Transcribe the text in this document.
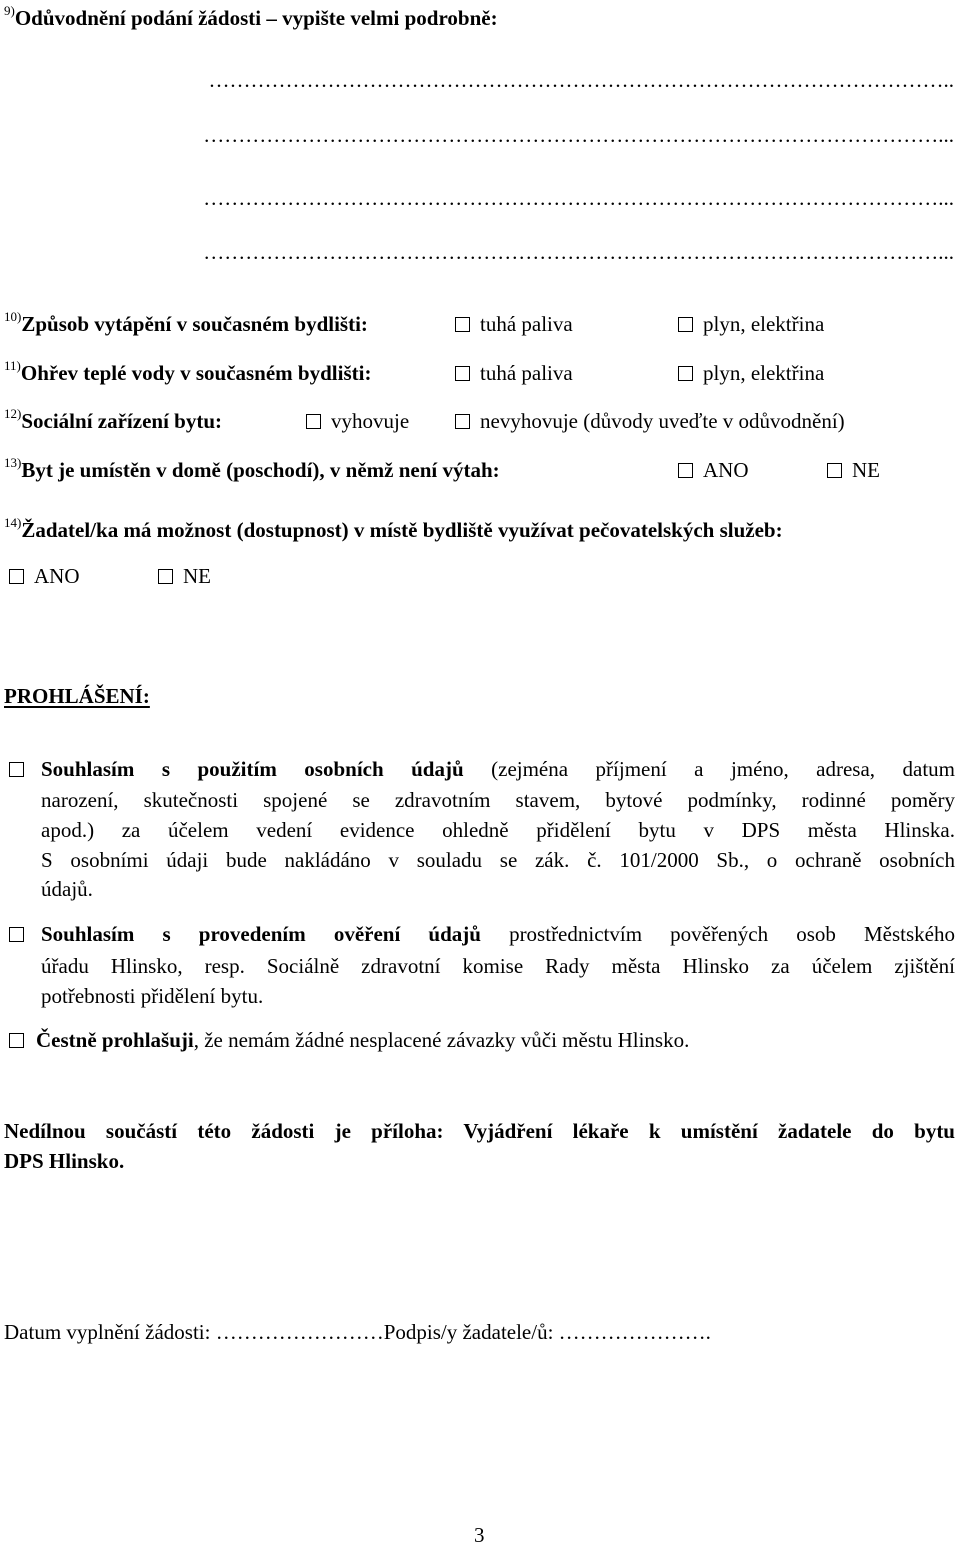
$^{9)}$Odůvodnění podání žádosti – vypište velmi podrobně:
……………………………………………………………………………………………..
……………………………………………………………………………………………...
……………………………………………………………………………………………...
……………………………………………………………………………………………...
$^{10)}$Způsob vytápění v současném bydlišti:	tuhá paliva	plyn, elektřina
$^{11)}$Ohřev teplé vody v současném bydlišti:	tuhá paliva	plyn, elektřina
$^{12)}$Sociální zařízení bytu:	vyhovuje	nevyhovuje (důvody uveďte v odůvodnění)
$^{13)}$Byt je umístěn v domě (poschodí), v němž není výtah:	ANO	NE
$^{14)}$Žadatel/ka má možnost (dostupnost) v místě bydliště využívat pečovatelských služeb:
ANO	NE
PROHLÁŠENÍ:
Souhlasím s použitím osobních údajů (zejména příjmení a jméno, adresa, datum
narození, skutečnosti spojené se zdravotním stavem, bytové podmínky, rodinné poměry
apod.) za účelem vedení evidence ohledně přidělení bytu v DPS města Hlinska.
S osobními údaji bude nakládáno v souladu se zák. č. 101/2000 Sb., o ochraně osobních
údajů.
Souhlasím s provedením ověření údajů prostřednictvím pověřených osob Městského
úřadu Hlinsko, resp. Sociálně zdravotní komise Rady města Hlinsko za účelem zjištění
potřebnosti přidělení bytu.
Čestně prohlašuji, že nemám žádné nesplacené závazky vůči městu Hlinsko.
Nedílnou součástí této žádosti je příloha: Vyjádření lékaře k umístění žadatele do bytu
DPS Hlinsko.
Datum vyplnění žádosti: ……………………Podpis/y žadatele/ů: ………………….
3
